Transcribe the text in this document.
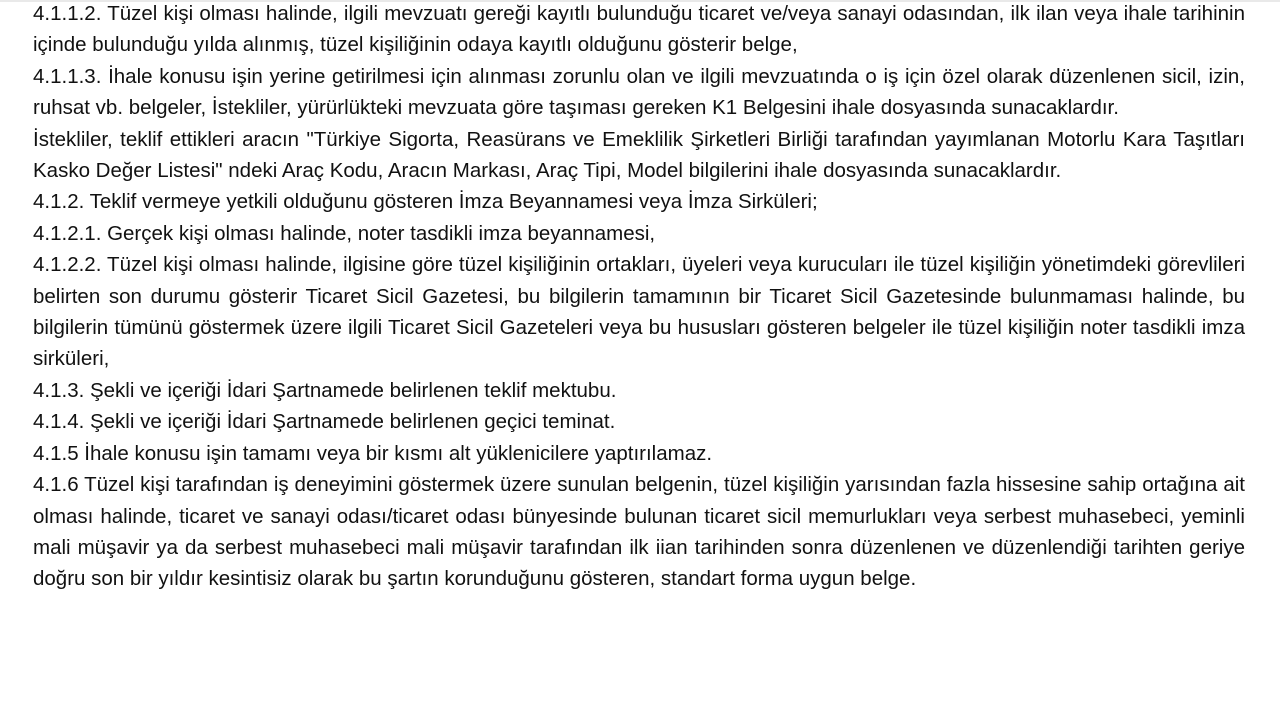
4.1.1.2. Tüzel kişi olması halinde, ilgili mevzuatı gereği kayıtlı bulunduğu ticaret ve/veya sanayi odasından, ilk ilan veya ihale tarihinin içinde bulunduğu yılda alınmış, tüzel kişiliğinin odaya kayıtlı olduğunu gösterir belge,

4.1.1.3. İhale konusu işin yerine getirilmesi için alınması zorunlu olan ve ilgili mevzuatında o iş için özel olarak düzenlenen sicil, izin, ruhsat vb. belgeler, İstekliler, yürürlükteki mevzuata göre taşıması gereken K1 Belgesini ihale dosyasında sunacaklardır.

İstekliler, teklif ettikleri aracın "Türkiye Sigorta, Reasürans ve Emeklilik Şirketleri Birliği tarafından yayımlanan Motorlu Kara Taşıtları Kasko Değer Listesi" ndeki Araç Kodu, Aracın Markası, Araç Tipi, Model bilgilerini ihale dosyasında sunacaklardır.

4.1.2. Teklif vermeye yetkili olduğunu gösteren İmza Beyannamesi veya İmza Sirküleri;

4.1.2.1. Gerçek kişi olması halinde, noter tasdikli imza beyannamesi,

4.1.2.2. Tüzel kişi olması halinde, ilgisine göre tüzel kişiliğinin ortakları, üyeleri veya kurucuları ile tüzel kişiliğin yönetimdeki görevlileri belirten son durumu gösterir Ticaret Sicil Gazetesi, bu bilgilerin tamamının bir Ticaret Sicil Gazetesinde bulunmaması halinde, bu bilgilerin tümünü göstermek üzere ilgili Ticaret Sicil Gazeteleri veya bu hususları gösteren belgeler ile tüzel kişiliğin noter tasdikli imza sirküleri,

4.1.3. Şekli ve içeriği İdari Şartnamede belirlenen teklif mektubu.

4.1.4. Şekli ve içeriği İdari Şartnamede belirlenen geçici teminat.

4.1.5 İhale konusu işin tamamı veya bir kısmı alt yüklenicilere yaptırılamaz.

4.1.6 Tüzel kişi tarafından iş deneyimini göstermek üzere sunulan belgenin, tüzel kişiliğin yarısından fazla hissesine sahip ortağına ait olması halinde, ticaret ve sanayi odası/ticaret odası bünyesinde bulunan ticaret sicil memurlukları veya serbest muhasebeci, yeminli mali müşavir ya da serbest muhasebeci mali müşavir tarafından ilk iian tarihinden sonra düzenlenen ve düzenlendiği tarihten geriye doğru son bir yıldır kesintisiz olarak bu şartın korunduğunu gösteren, standart forma uygun belge.
